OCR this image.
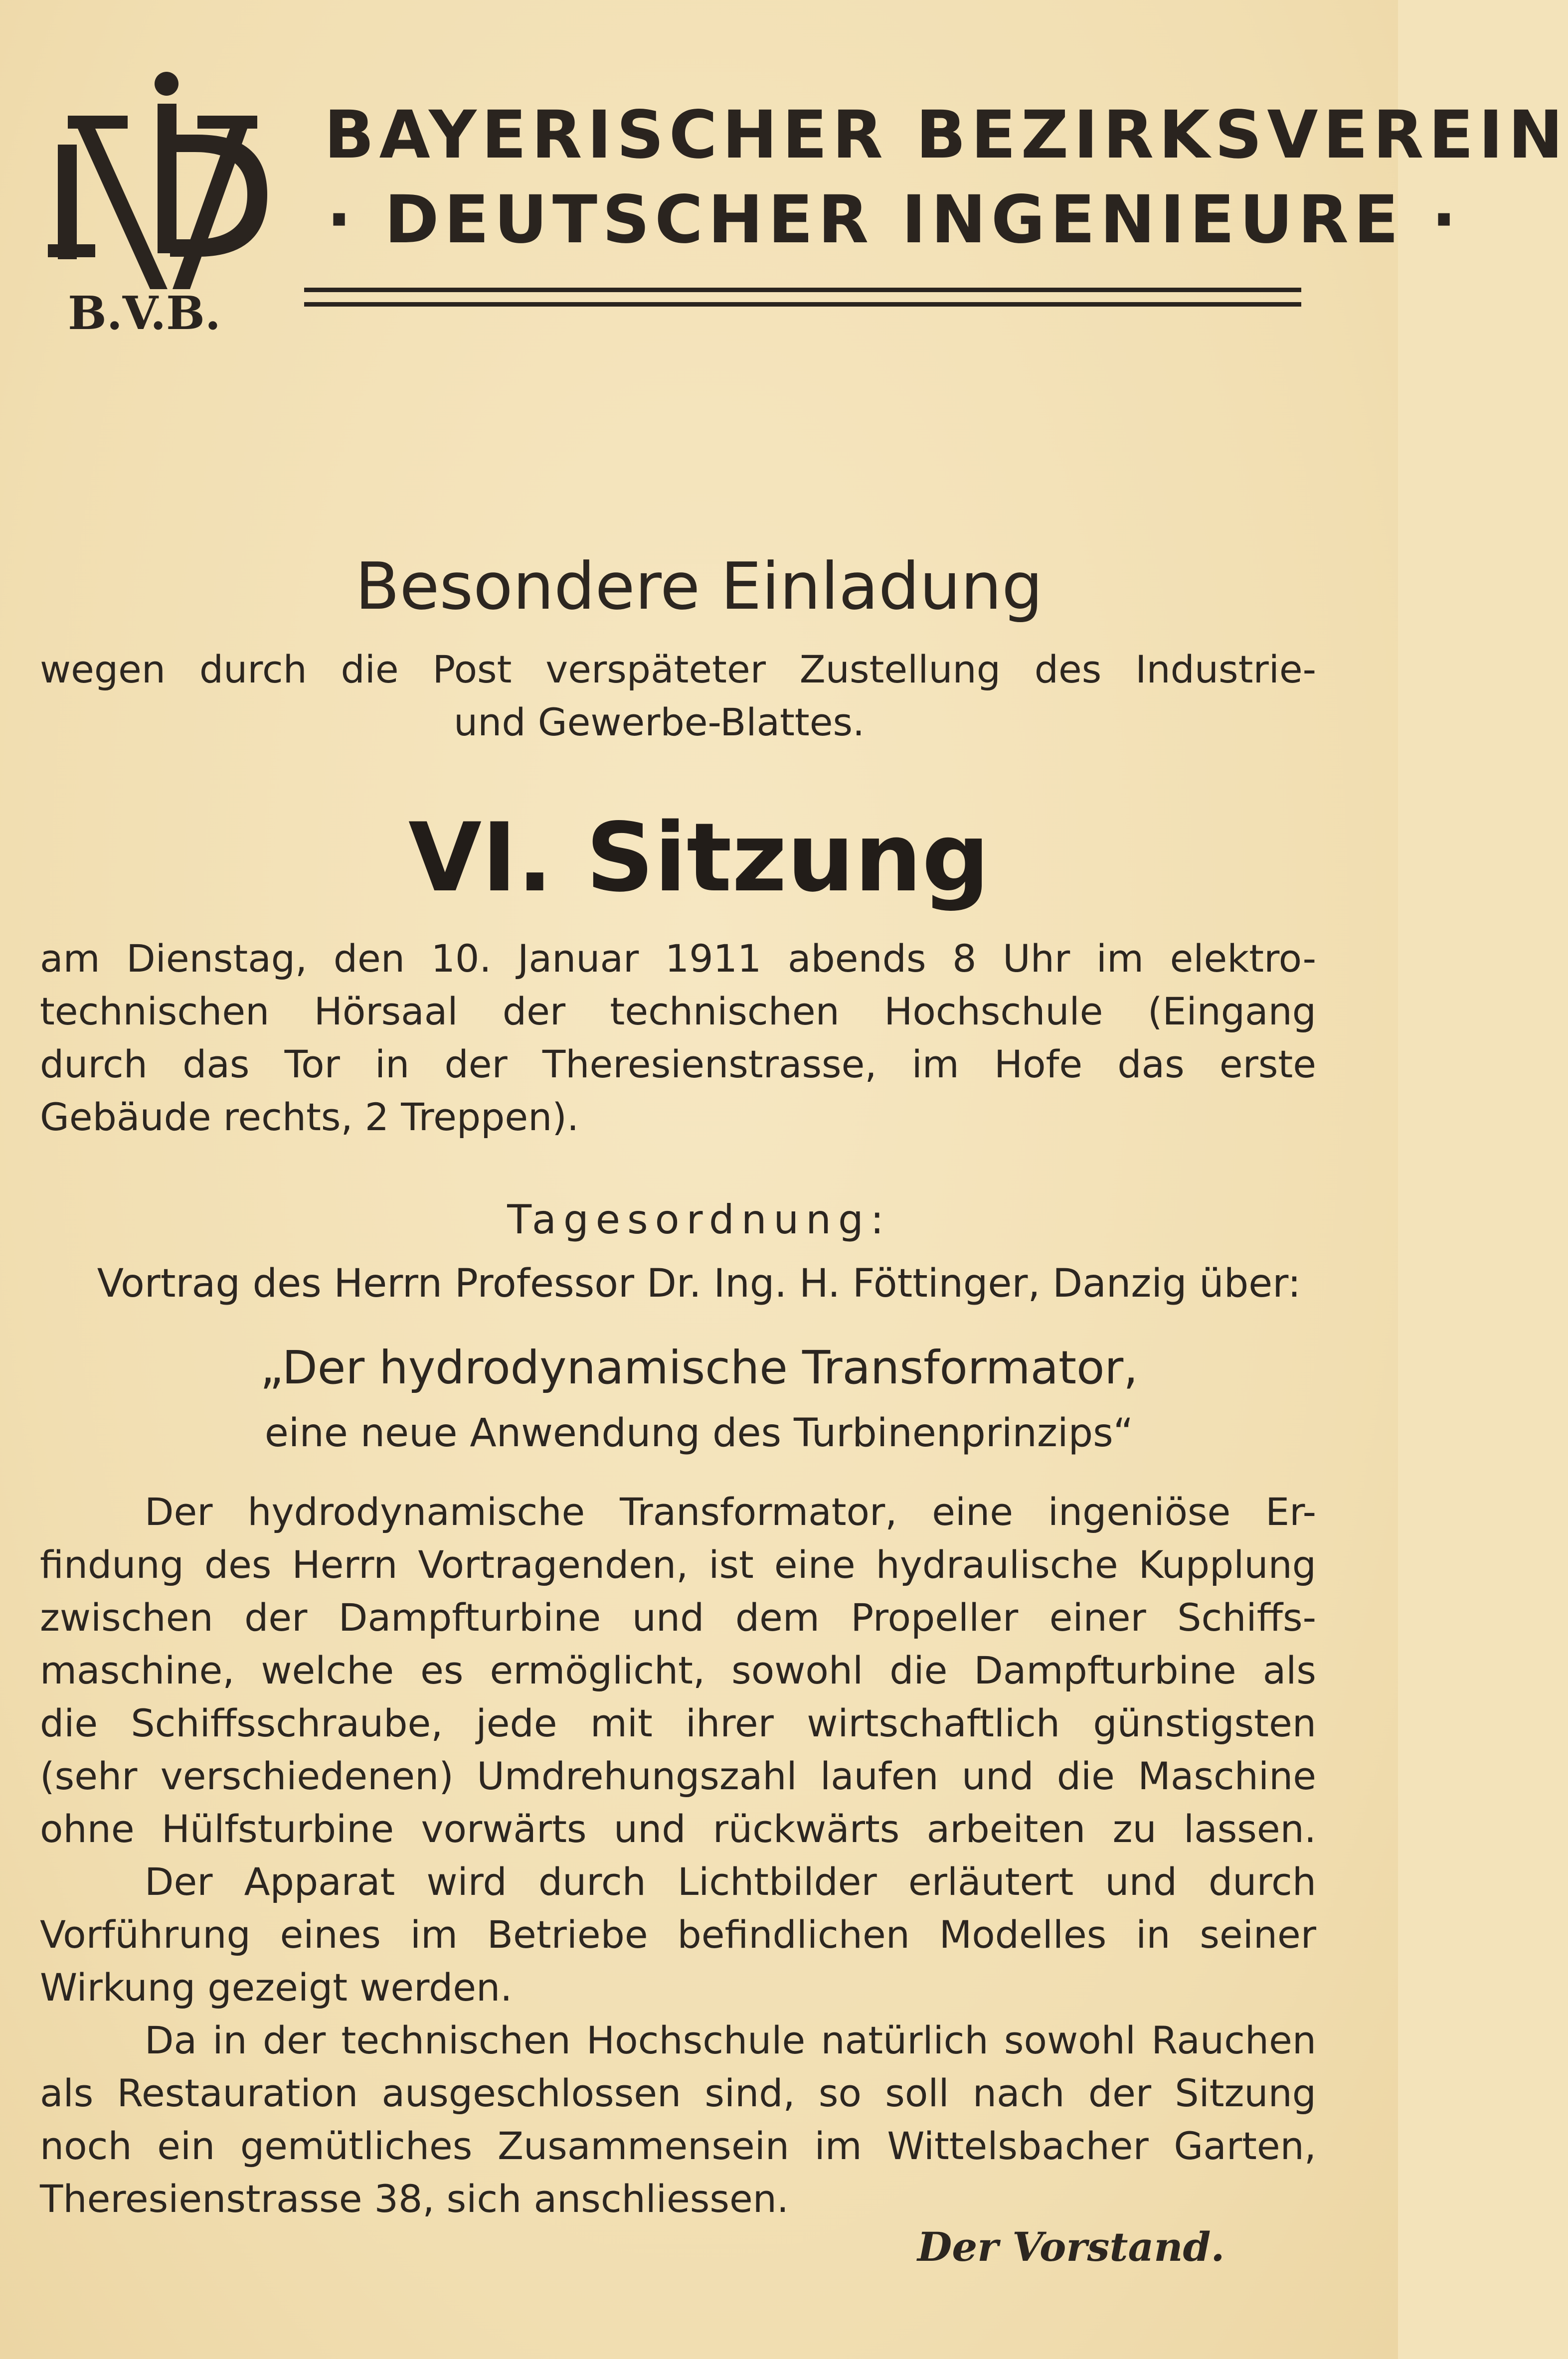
B.V.B.
BAYERISCHER BEZIRKSVEREIN
· DEUTSCHER INGENIEURE ·
Besondere Einladung
wegen durch die Post verspäteter Zustellung des Industrie-
und Gewerbe-Blattes.
VI. Sitzung
am Dienstag, den 10. Januar 1911 abends 8 Uhr im elektro-
technischen Hörsaal der technischen Hochschule (Eingang
durch das Tor in der Theresienstrasse, im Hofe das erste
Gebäude rechts, 2 Treppen).
Tagesordnung:
Vortrag des Herrn Professor Dr. Ing. H. Föttinger, Danzig über:
„Der hydrodynamische Transformator,
eine neue Anwendung des Turbinenprinzips“
Der hydrodynamische Transformator, eine ingeniöse Er-
findung des Herrn Vortragenden, ist eine hydraulische Kupplung
zwischen der Dampfturbine und dem Propeller einer Schiffs-
maschine, welche es ermöglicht, sowohl die Dampfturbine als
die Schiffsschraube, jede mit ihrer wirtschaftlich günstigsten
(sehr verschiedenen) Umdrehungszahl laufen und die Maschine
ohne Hülfsturbine vorwärts und rückwärts arbeiten zu lassen.
Der Apparat wird durch Lichtbilder erläutert und durch
Vorführung eines im Betriebe befindlichen Modelles in seiner
Wirkung gezeigt werden.
Da in der technischen Hochschule natürlich sowohl Rauchen
als Restauration ausgeschlossen sind, so soll nach der Sitzung
noch ein gemütliches Zusammensein im Wittelsbacher Garten,
Theresienstrasse 38, sich anschliessen.
Der Vorstand.
